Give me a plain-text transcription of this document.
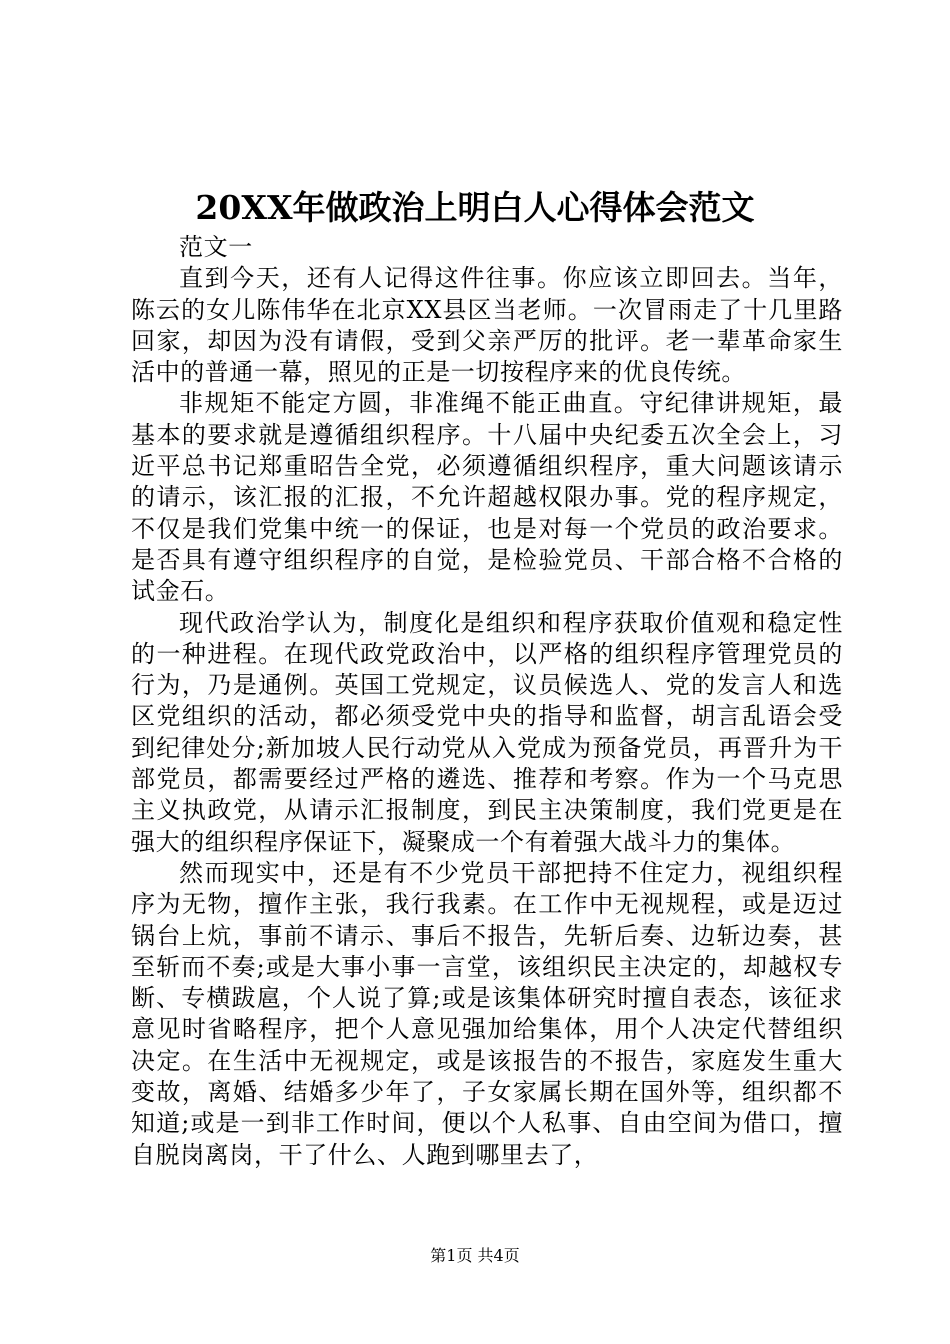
20XX年做政治上明白人心得体会范文

范文一

直到今天，还有人记得这件往事。你应该立即回去。当年，陈云的女儿陈伟华在北京XX县区当老师。一次冒雨走了十几里路回家，却因为没有请假，受到父亲严厉的批评。老一辈革命家生活中的普通一幕，照见的正是一切按程序来的优良传统。

非规矩不能定方圆，非准绳不能正曲直。守纪律讲规矩，最基本的要求就是遵循组织程序。十八届中央纪委五次全会上，习近平总书记郑重昭告全党，必须遵循组织程序，重大问题该请示的请示，该汇报的汇报，不允许超越权限办事。党的程序规定，不仅是我们党集中统一的保证，也是对每一个党员的政治要求。是否具有遵守组织程序的自觉，是检验党员、干部合格不合格的试金石。

现代政治学认为，制度化是组织和程序获取价值观和稳定性的一种进程。在现代政党政治中，以严格的组织程序管理党员的行为，乃是通例。英国工党规定，议员候选人、党的发言人和选区党组织的活动，都必须受党中央的指导和监督，胡言乱语会受到纪律处分;新加坡人民行动党从入党成为预备党员，再晋升为干部党员，都需要经过严格的遴选、推荐和考察。作为一个马克思主义执政党，从请示汇报制度，到民主决策制度，我们党更是在强大的组织程序保证下，凝聚成一个有着强大战斗力的集体。

然而现实中，还是有不少党员干部把持不住定力，视组织程序为无物，擅作主张，我行我素。在工作中无视规程，或是迈过锅台上炕，事前不请示、事后不报告，先斩后奏、边斩边奏，甚至斩而不奏;或是大事小事一言堂，该组织民主决定的，却越权专断、专横跋扈，个人说了算;或是该集体研究时擅自表态，该征求意见时省略程序，把个人意见强加给集体，用个人决定代替组织决定。在生活中无视规定，或是该报告的不报告，家庭发生重大变故，离婚、结婚多少年了，子女家属长期在国外等，组织都不知道;或是一到非工作时间，便以个人私事、自由空间为借口，擅自脱岗离岗，干了什么、人跑到哪里去了，

第1页 共4页
